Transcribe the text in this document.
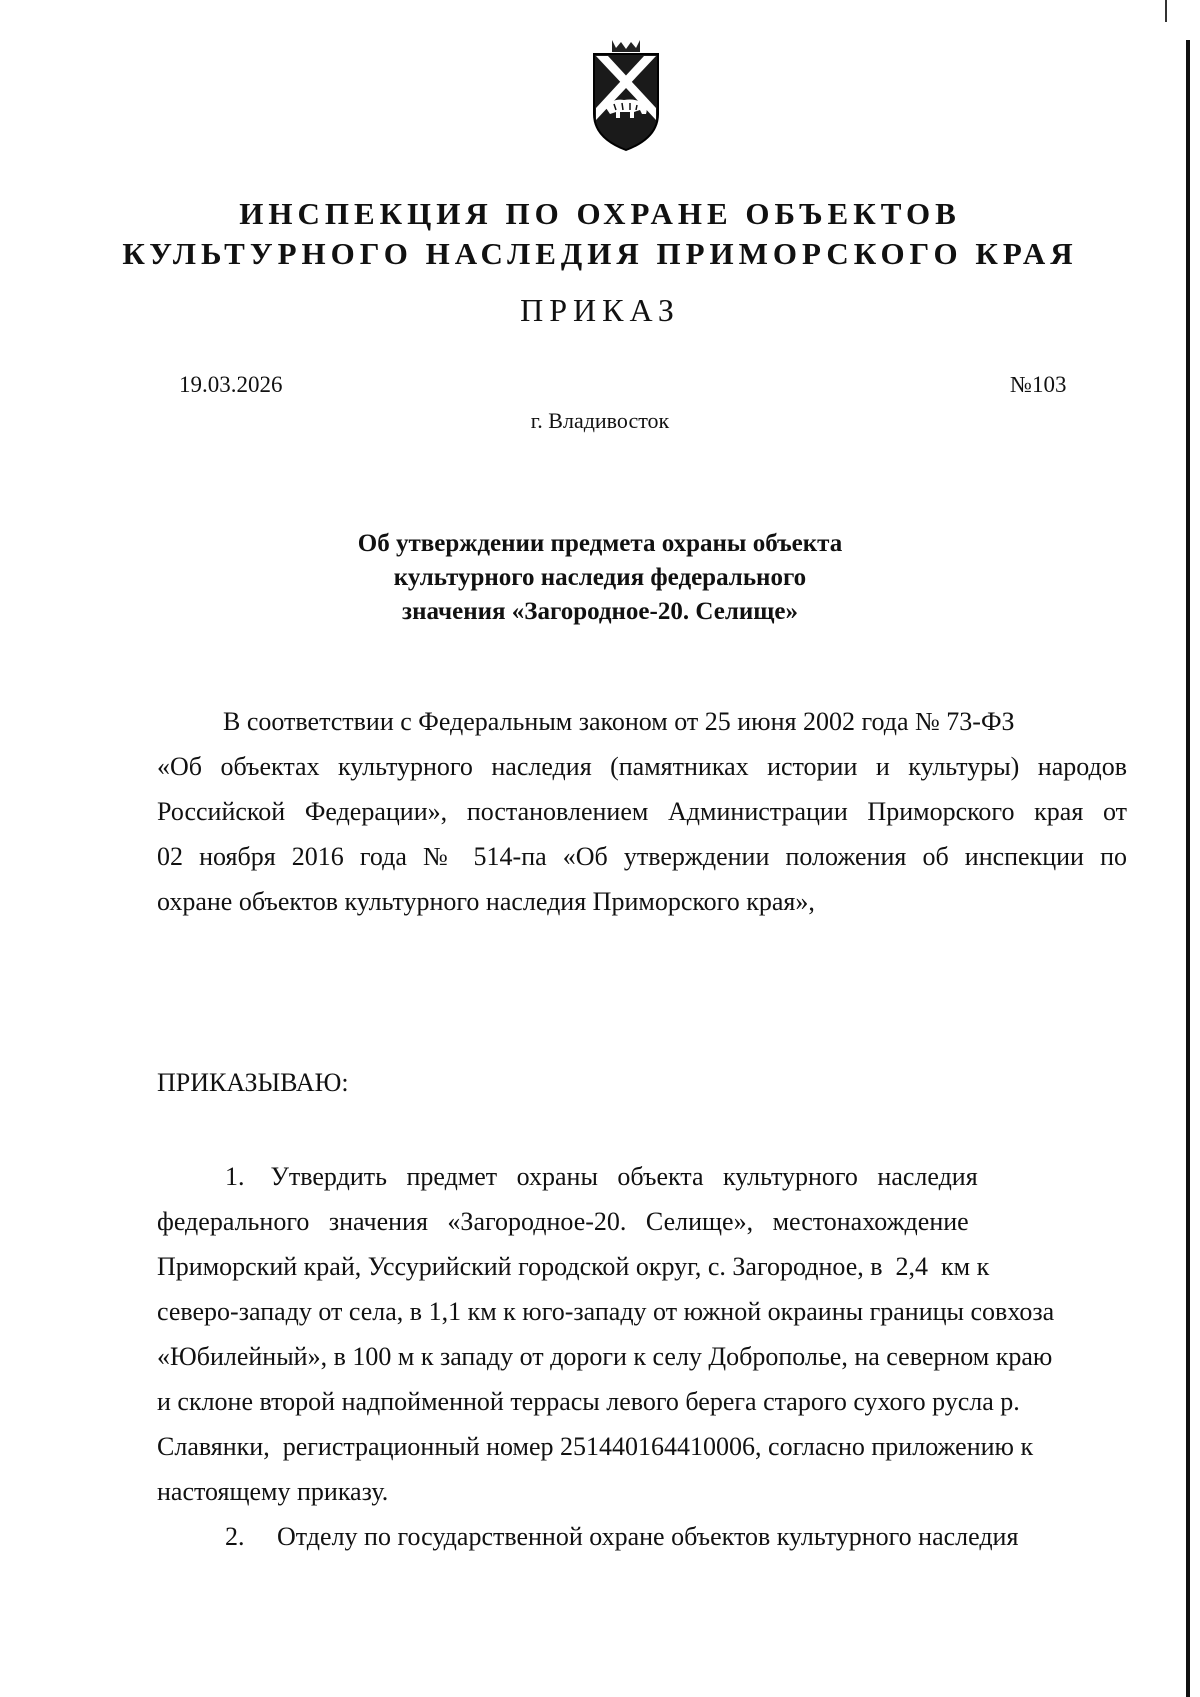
ИНСПЕКЦИЯ ПО ОХРАНЕ ОБЪЕКТОВ
КУЛЬТУРНОГО НАСЛЕДИЯ ПРИМОРСКОГО КРАЯ
ПРИКАЗ
19.03.2026	№103
г. Владивосток
Об утверждении предмета охраны объекта
культурного наследия федерального
значения «Загородное-20. Селище»
В соответствии с Федеральным законом от 25 июня 2002 года № 73-ФЗ
«Об объектах культурного наследия (памятниках истории и культуры) народов
Российской Федерации», постановлением Администрации Приморского края от
02 ноября 2016 года № 514-па «Об утверждении положения об инспекции по
охране объектов культурного наследия Приморского края»,
ПРИКАЗЫВАЮ:
1.    Утвердить   предмет   охраны   объекта   культурного   наследия
федерального   значения   «Загородное-20.   Селище»,   местонахождение
Приморский край, Уссурийский городской округ, с. Загородное, в  2,4  км к
северо-западу от села, в 1,1 км к юго-западу от южной окраины границы совхоза
«Юбилейный», в 100 м к западу от дороги к селу Доброполье, на северном краю
и склоне второй надпойменной террасы левого берега старого сухого русла р.
Славянки,  регистрационный номер 251440164410006, согласно приложению к
настоящему приказу.
2.     Отделу по государственной охране объектов культурного наследия
